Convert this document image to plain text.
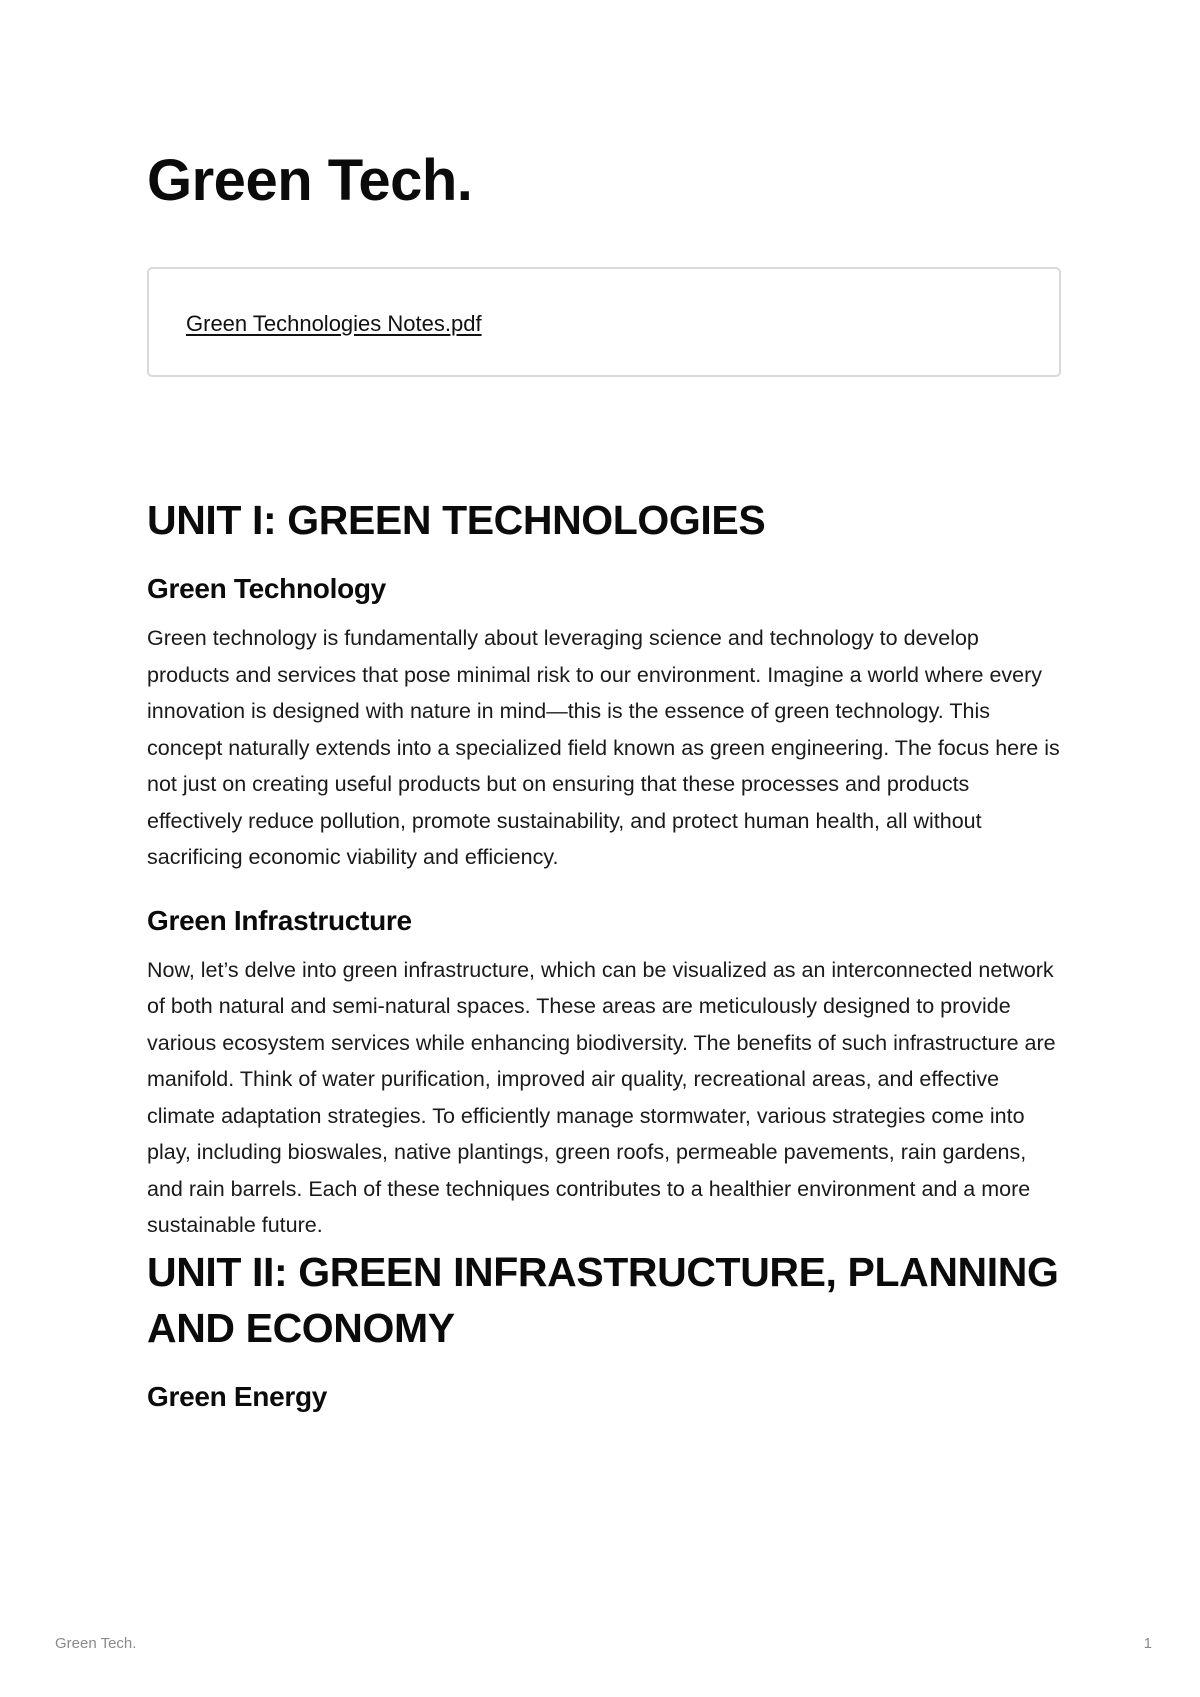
Green Tech.
Green Technologies Notes.pdf
UNIT I: GREEN TECHNOLOGIES
Green Technology

Green technology is fundamentally about leveraging science and technology to develop products and services that pose minimal risk to our environment. Imagine a world where every innovation is designed with nature in mind—this is the essence of green technology. This concept naturally extends into a specialized field known as green engineering. The focus here is not just on creating useful products but on ensuring that these processes and products effectively reduce pollution, promote sustainability, and protect human health, all without sacrificing economic viability and efficiency.

Green Infrastructure

Now, let’s delve into green infrastructure, which can be visualized as an interconnected network of both natural and semi-natural spaces. These areas are meticulously designed to provide various ecosystem services while enhancing biodiversity. The benefits of such infrastructure are manifold. Think of water purification, improved air quality, recreational areas, and effective climate adaptation strategies. To efficiently manage stormwater, various strategies come into play, including bioswales, native plantings, green roofs, permeable pavements, rain gardens, and rain barrels. Each of these techniques contributes to a healthier environment and a more sustainable future.

UNIT II: GREEN INFRASTRUCTURE, PLANNING AND ECONOMY
Green Energy
Green Tech.	1
